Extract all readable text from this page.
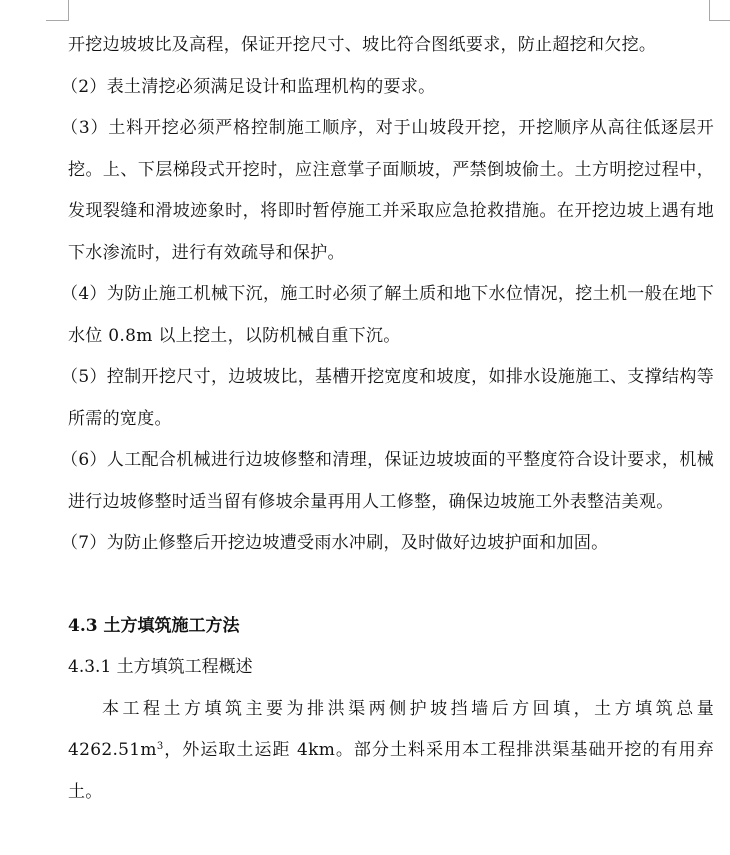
开挖边坡坡比及高程，保证开挖尺寸、坡比符合图纸要求，防止超挖和欠挖。

（2）表土清挖必须满足设计和监理机构的要求。

（3）土料开挖必须严格控制施工顺序，对于山坡段开挖，开挖顺序从高往低逐层开挖。上、下层梯段式开挖时，应注意掌子面顺坡，严禁倒坡偷土。土方明挖过程中，发现裂缝和滑坡迹象时，将即时暂停施工并采取应急抢救措施。在开挖边坡上遇有地下水渗流时，进行有效疏导和保护。

（4）为防止施工机械下沉，施工时必须了解土质和地下水位情况，挖土机一般在地下水位 0.8m 以上挖土，以防机械自重下沉。

（5）控制开挖尺寸，边坡坡比，基槽开挖宽度和坡度，如排水设施施工、支撑结构等所需的宽度。

（6）人工配合机械进行边坡修整和清理，保证边坡坡面的平整度符合设计要求，机械进行边坡修整时适当留有修坡余量再用人工修整，确保边坡施工外表整洁美观。

（7）为防止修整后开挖边坡遭受雨水冲刷，及时做好边坡护面和加固。

4.3 土方填筑施工方法
4.3.1 土方填筑工程概述

本工程土方填筑主要为排洪渠两侧护坡挡墙后方回填，土方填筑总量 $4262.51m^3$，外运取土运距 4km。部分土料采用本工程排洪渠基础开挖的有用弃土。
